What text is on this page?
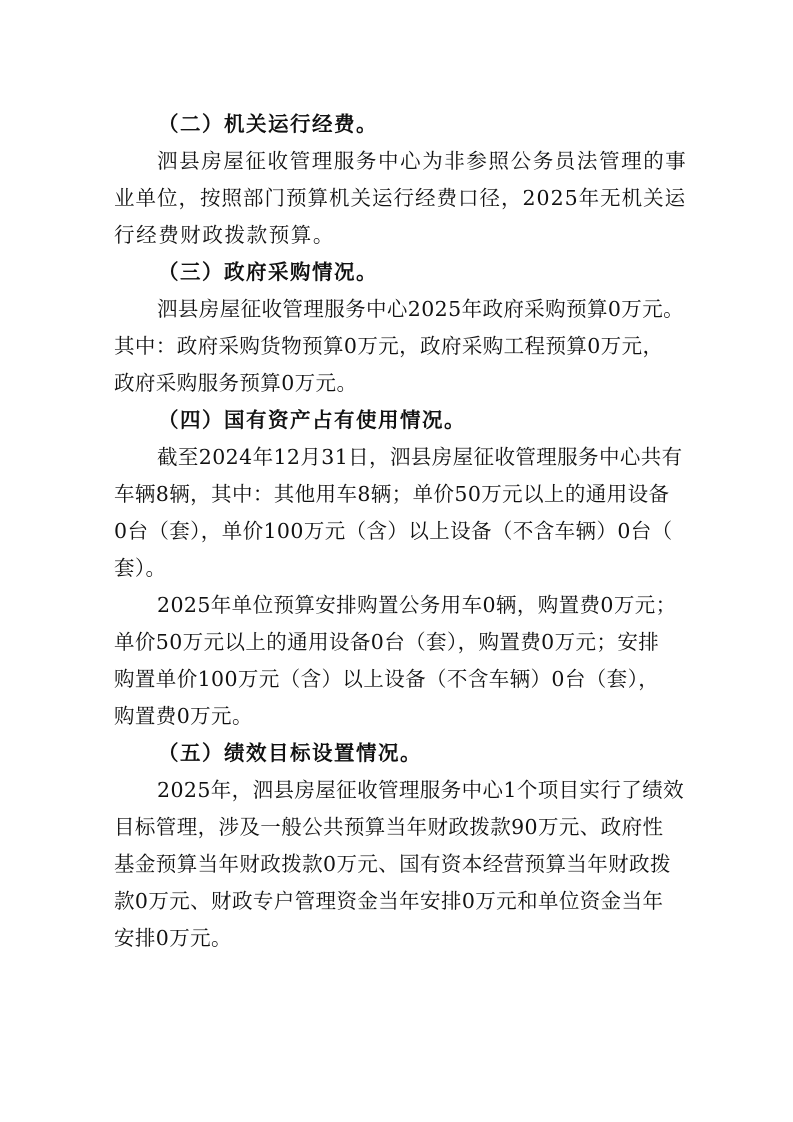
（二）机关运行经费。
泗县房屋征收管理服务中心为非参照公务员法管理的事
业单位，按照部门预算机关运行经费口径，2025年无机关运
行经费财政拨款预算。
（三）政府采购情况。
泗县房屋征收管理服务中心2025年政府采购预算0万元。
其中：政府采购货物预算0万元，政府采购工程预算0万元，
政府采购服务预算0万元。
（四）国有资产占有使用情况。
截至2024年12月31日，泗县房屋征收管理服务中心共有
车辆8辆，其中：其他用车8辆；单价50万元以上的通用设备
0台（套），单价100万元（含）以上设备（不含车辆）0台（
套）。
2025年单位预算安排购置公务用车0辆，购置费0万元；
单价50万元以上的通用设备0台（套），购置费0万元；安排
购置单价100万元（含）以上设备（不含车辆）0台（套），
购置费0万元。
（五）绩效目标设置情况。
2025年，泗县房屋征收管理服务中心1个项目实行了绩效
目标管理，涉及一般公共预算当年财政拨款90万元、政府性
基金预算当年财政拨款0万元、国有资本经营预算当年财政拨
款0万元、财政专户管理资金当年安排0万元和单位资金当年
安排0万元。
